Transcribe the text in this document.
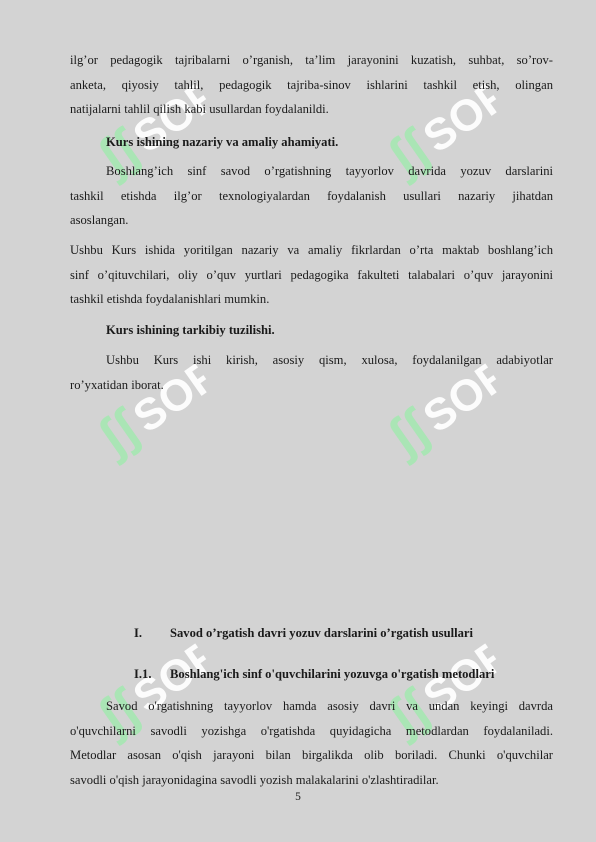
ʃʃ
SOFF ʃʃ
SOFF
ʃʃ
SOFF ʃʃ
SOFF
ʃʃ
SOFF ʃʃ
SOFF
ilg’or pedagogik tajribalarni o’rganish, ta’lim jarayonini kuzatish, suhbat, so’rov-
anketa, qiyosiy tahlil, pedagogik tajriba-sinov ishlarini tashkil etish, olingan
natijalarni tahlil qilish kabi usullardan foydalanildi.
Kurs ishining nazariy va amaliy ahamiyati.
Boshlang’ich sinf savod o’rgatishning tayyorlov davrida yozuv darslarini
tashkil etishda ilg’or texnologiyalardan foydalanish usullari nazariy jihatdan
asoslangan.
Ushbu Kurs ishida yoritilgan nazariy va amaliy fikrlardan o’rta maktab boshlang’ich
sinf o’qituvchilari, oliy o’quv yurtlari pedagogika fakulteti talabalari o’quv jarayonini
tashkil etishda foydalanishlari mumkin.
Kurs ishining tarkibiy tuzilishi.
Ushbu Kurs ishi kirish, asosiy qism, xulosa, foydalanilgan adabiyotlar
ro’yxatidan iborat.
I. Savod o’rgatish davri yozuv darslarini o’rgatish usullari
I.1. Boshlang'ich sinf o'quvchilarini yozuvga o'rgatish metodlari
Savod o'rgatishning tayyorlov hamda asosiy davri va undan keyingi davrda
o'quvchilarni savodli yozishga o'rgatishda quyidagicha metodlardan foydalaniladi.
Metodlar asosan o'qish jarayoni bilan birgalikda olib boriladi. Chunki o'quvchilar
savodli o'qish jarayonidagina savodli yozish malakalarini o'zlashtiradilar.
5
